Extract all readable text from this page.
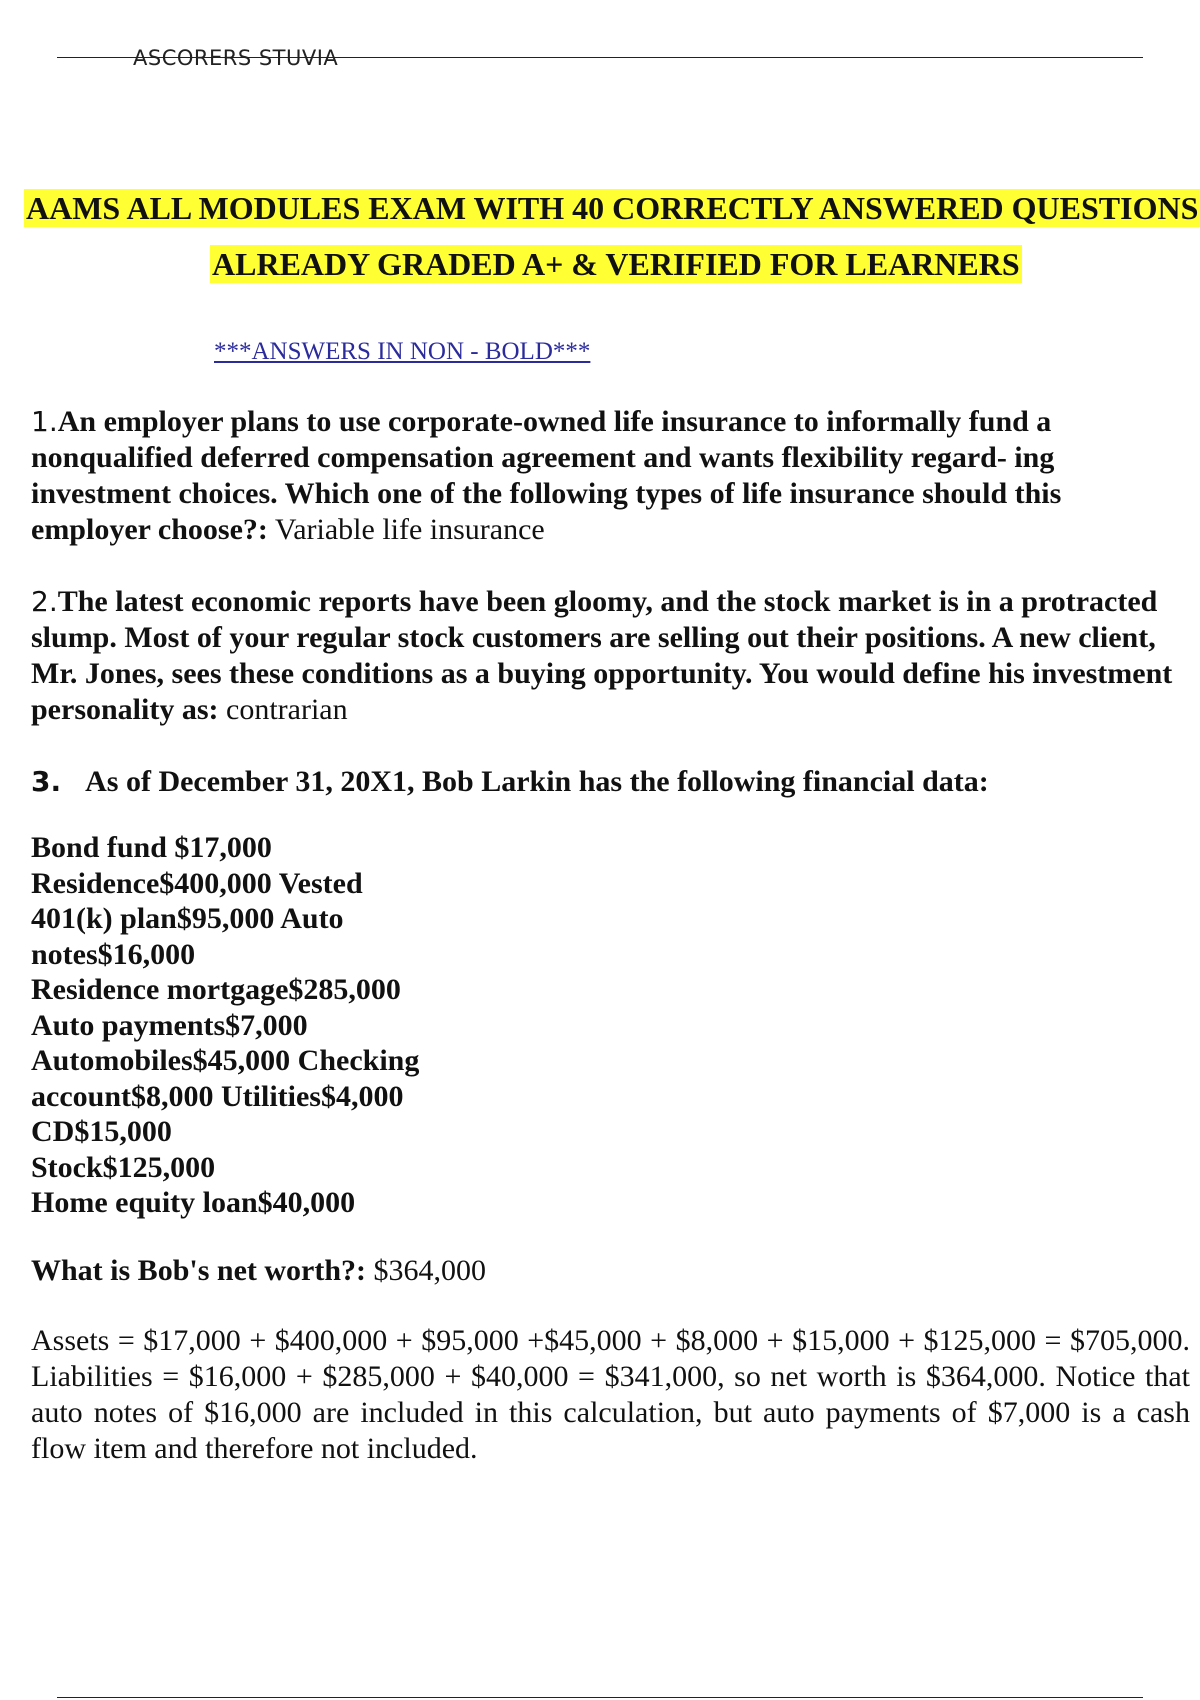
ASCORERS STUVIA
AAMS ALL MODULES EXAM WITH 40 CORRECTLY ANSWERED QUESTIONS
ALREADY GRADED A+ & VERIFIED FOR LEARNERS
***ANSWERS IN NON - BOLD***
1.An employer plans to use corporate-owned life insurance to informally fund a nonqualified deferred compensation agreement and wants flexibility regard- ing investment choices. Which one of the following types of life insurance should this employer choose?: Variable life insurance
2.The latest economic reports have been gloomy, and the stock market is in a protracted slump. Most of your regular stock customers are selling out their positions. A new client, Mr. Jones, sees these conditions as a buying opportunity. You would define his investment personality as: contrarian
3. As of December 31, 20X1, Bob Larkin has the following financial data:
Bond fund $17,000
Residence$400,000 Vested
401(k) plan$95,000 Auto
notes$16,000
Residence mortgage$285,000
Auto payments$7,000
Automobiles$45,000 Checking
account$8,000 Utilities$4,000
CD$15,000
Stock$125,000
Home equity loan$40,000
What is Bob's net worth?: $364,000
Assets = $17,000 + $400,000 + $95,000 +$45,000 + $8,000 + $15,000 + $125,000 = $705,000. Liabilities = $16,000 + $285,000 + $40,000 = $341,000, so net worth is $364,000. Notice that auto notes of $16,000 are included in this calculation, but auto payments of $7,000 is a cash flow item and therefore not included.
